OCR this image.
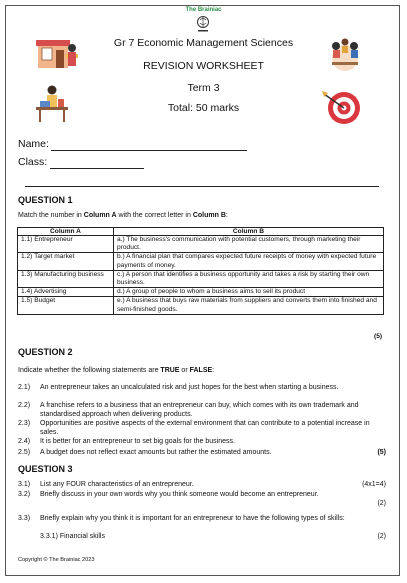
The Brainiac
Gr 7 Economic Management Sciences
REVISION WORKSHEET
Term 3
Total: 50 marks
Name:
Class:
QUESTION 1
Match the number in Column A with the correct letter in Column B:
Column A	Column B
1.1) Entrepreneur	a.) The business's communication with potential customers, through marketing their product.
1.2) Target market	b.) A financial plan that compares expected future receipts of money with expected future payments of money.
1.3) Manufacturing business	c.) A person that identifies a business opportunity and takes a risk by starting their own business.
1.4) Advertising	d.) A group of people to whom a business aims to sell its product
1.5) Budget	e.) A business that buys raw materials from suppliers and converts them into finished and semi-finished goods.
(5)
QUESTION 2
Indicate whether the following statements are TRUE or FALSE:
2.1) An entrepreneur takes an uncalculated risk and just hopes for the best when starting a business.
2.2) A franchise refers to a business that an entrepreneur can buy, which comes with its own trademark and standardised approach when delivering products.
2.3) Opportunities are positive aspects of the external environment that can contribute to a potential increase in sales.
2.4) It is better for an entrepreneur to set big goals for the business.
2.5) A budget does not reflect exact amounts but rather the estimated amounts.	(5)
QUESTION 3
3.1) List any FOUR characteristics of an entrepreneur.	(4x1=4)
3.2) Briefly discuss in your own words why you think someone would become an entrepreneur.
(2)
3.3) Briefly explain why you think it is important for an entrepreneur to have the following types of skills:
3.3.1) Financial skills	(2)
Copyright © The Brainiac 2023
